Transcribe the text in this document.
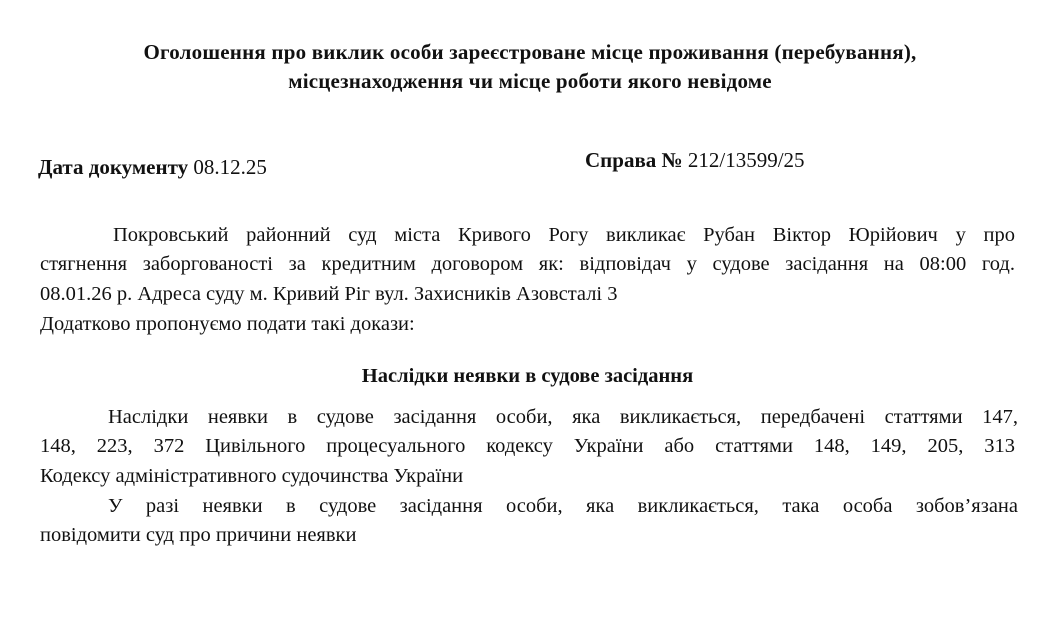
Оголошення про виклик особи зареєстроване місце проживання (перебування),
місцезнаходження чи місце роботи якого невідоме
Дата документу 08.12.25	Справа № 212/13599/25
Покровський районний суд міста Кривого Рогу викликає Рубан Віктор Юрійович у про
стягнення заборгованості за кредитним договором як: відповідач у судове засідання на 08:00 год.
08.01.26 р. Адреса суду м. Кривий Ріг вул. Захисників Азовсталі 3
Додатково пропонуємо подати такі докази:
Наслідки неявки в судове засідання
Наслідки неявки в судове засідання особи, яка викликається, передбачені статтями 147,
148, 223, 372 Цивільного процесуального кодексу України або статтями 148, 149, 205, 313
Кодексу адміністративного судочинства України
У разі неявки в судове засідання особи, яка викликається, така особа зобов’язана
повідомити суд про причини неявки
